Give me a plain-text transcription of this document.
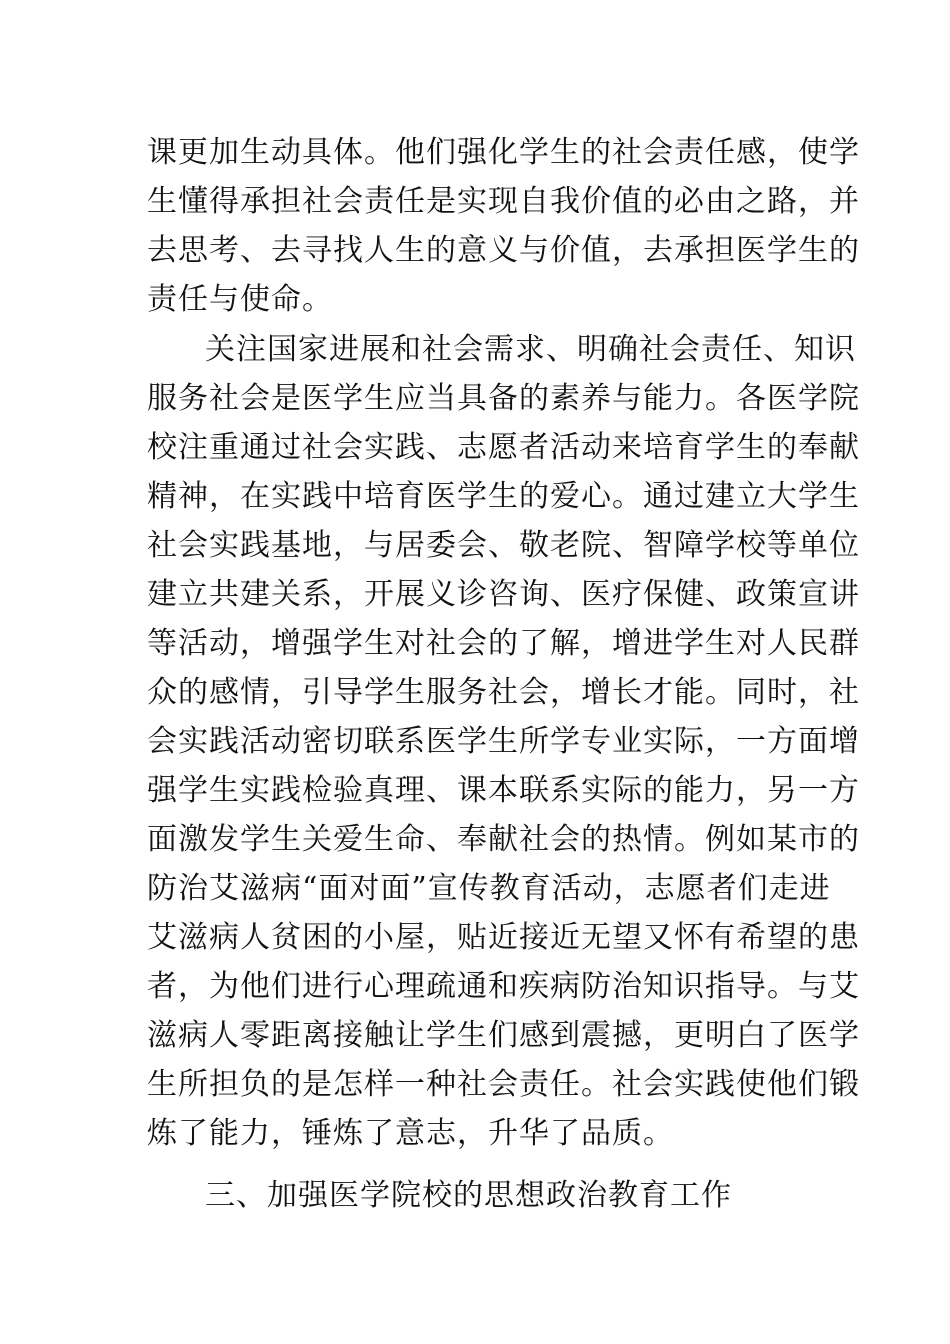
课更加生动具体。他们强化学生的社会责任感，使学
生懂得承担社会责任是实现自我价值的必由之路，并
去思考、去寻找人生的意义与价值，去承担医学生的
责任与使命。
关注国家进展和社会需求、明确社会责任、知识
服务社会是医学生应当具备的素养与能力。各医学院
校注重通过社会实践、志愿者活动来培育学生的奉献
精神，在实践中培育医学生的爱心。通过建立大学生
社会实践基地，与居委会、敬老院、智障学校等单位
建立共建关系，开展义诊咨询、医疗保健、政策宣讲
等活动，增强学生对社会的了解，增进学生对人民群
众的感情，引导学生服务社会，增长才能。同时，社
会实践活动密切联系医学生所学专业实际，一方面增
强学生实践检验真理、课本联系实际的能力，另一方
面激发学生关爱生命、奉献社会的热情。例如某市的
防治艾滋病“面对面”宣传教育活动，志愿者们走进
艾滋病人贫困的小屋，贴近接近无望又怀有希望的患
者，为他们进行心理疏通和疾病防治知识指导。与艾
滋病人零距离接触让学生们感到震撼，更明白了医学
生所担负的是怎样一种社会责任。社会实践使他们锻
炼了能力，锤炼了意志，升华了品质。
三、加强医学院校的思想政治教育工作
